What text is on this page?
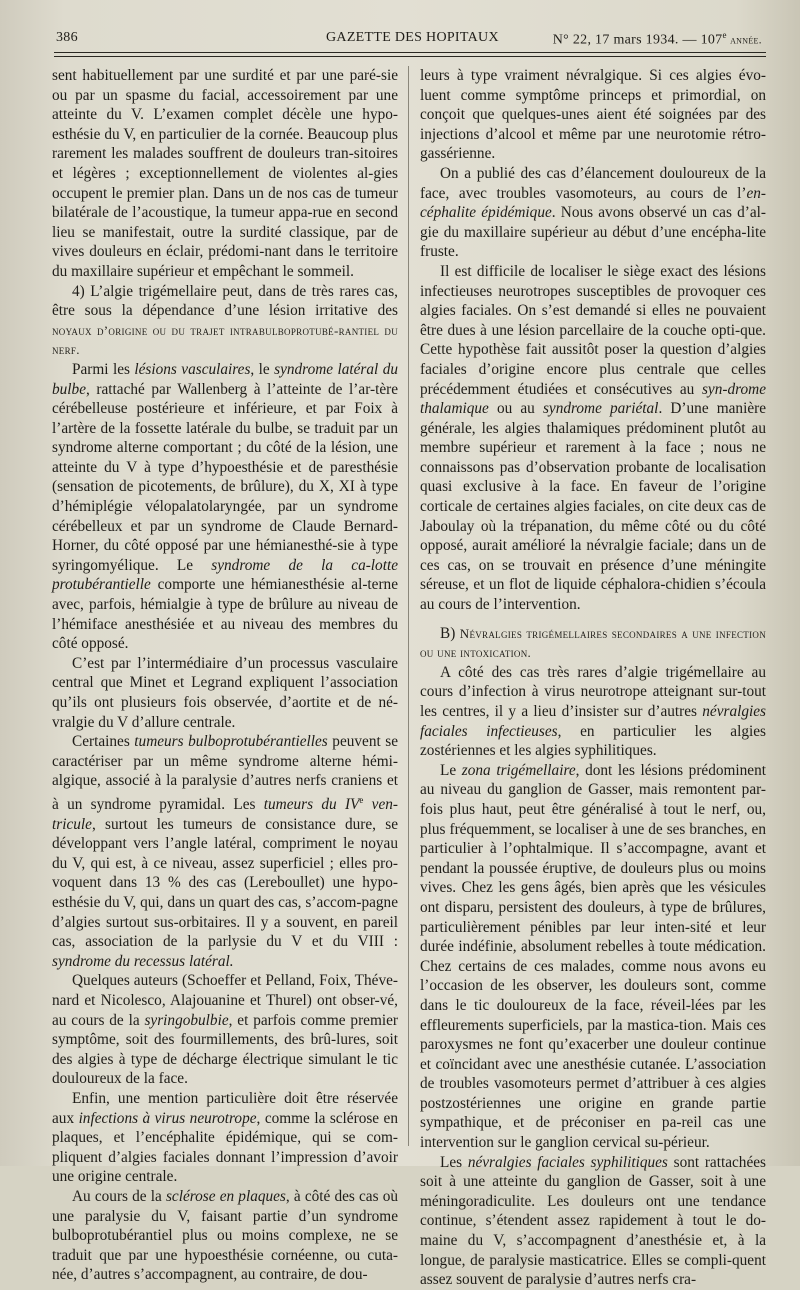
386	GAZETTE DES HOPITAUX	N° 22, 17 mars 1934. — 107e année.

sent habituellement par une surdité et par une paré-sie ou par un spasme du facial, accessoirement par une atteinte du V. L’examen complet décèle une hypo-esthésie du V, en particulier de la cornée. Beaucoup plus rarement les malades souffrent de douleurs tran-sitoires et légères ; exceptionnellement de violentes al-gies occupent le premier plan. Dans un de nos cas de tumeur bilatérale de l’acoustique, la tumeur appa-rue en second lieu se manifestait, outre la surdité classique, par de vives douleurs en éclair, prédomi-nant dans le territoire du maxillaire supérieur et empêchant le sommeil.

4) L’algie trigémellaire peut, dans de très rares cas, être sous la dépendance d’une lésion irritative des noyaux d’origine ou du trajet intrabulboprotubé-rantiel du nerf.

Parmi les lésions vasculaires, le syndrome latéral du bulbe, rattaché par Wallenberg à l’atteinte de l’ar-tère cérébelleuse postérieure et inférieure, et par Foix à l’artère de la fossette latérale du bulbe, se traduit par un syndrome alterne comportant ; du côté de la lésion, une atteinte du V à type d’hypoesthésie et de paresthésie (sensation de picotements, de brûlure), du X, XI à type d’hémiplégie vélopalatolaryngée, par un syndrome cérébelleux et par un syndrome de Claude Bernard-Horner, du côté opposé par une hémianesthé-sie à type syringomyélique. Le syndrome de la ca-lotte protubérantielle comporte une hémianesthésie al-terne avec, parfois, hémialgie à type de brûlure au niveau de l’hémiface anesthésiée et au niveau des membres du côté opposé.

C’est par l’intermédiaire d’un processus vasculaire central que Minet et Legrand expliquent l’association qu’ils ont plusieurs fois observée, d’aortite et de né-vralgie du V d’allure centrale.

Certaines tumeurs bulboprotubérantielles peuvent se caractériser par un même syndrome alterne hémi-algique, associé à la paralysie d’autres nerfs craniens et à un syndrome pyramidal. Les tumeurs du IVe ven-tricule, surtout les tumeurs de consistance dure, se développant vers l’angle latéral, compriment le noyau du V, qui est, à ce niveau, assez superficiel ; elles pro-voquent dans 13 % des cas (Lereboullet) une hypo-esthésie du V, qui, dans un quart des cas, s’accom-pagne d’algies surtout sus-orbitaires. Il y a souvent, en pareil cas, association de la parlysie du V et du VIII : syndrome du recessus latéral.

Quelques auteurs (Schoeffer et Pelland, Foix, Théve-nard et Nicolesco, Alajouanine et Thurel) ont obser-vé, au cours de la syringobulbie, et parfois comme premier symptôme, soit des fourmillements, des brû-lures, soit des algies à type de décharge électrique simulant le tic douloureux de la face.

Enfin, une mention particulière doit être réservée aux infections à virus neurotrope, comme la sclérose en plaques, et l’encéphalite épidémique, qui se com-pliquent d’algies faciales donnant l’impression d’avoir une origine centrale.

Au cours de la sclérose en plaques, à côté des cas où une paralysie du V, faisant partie d’un syndrome bulboprotubérantiel plus ou moins complexe, ne se traduit que par une hypoesthésie cornéenne, ou cuta-née, d’autres s’accompagnent, au contraire, de dou-

leurs à type vraiment névralgique. Si ces algies évo-luent comme symptôme princeps et primordial, on conçoit que quelques-unes aient été soignées par des injections d’alcool et même par une neurotomie rétro-gassérienne.

On a publié des cas d’élancement douloureux de la face, avec troubles vasomoteurs, au cours de l’en-céphalite épidémique. Nous avons observé un cas d’al-gie du maxillaire supérieur au début d’une encépha-lite fruste.

Il est difficile de localiser le siège exact des lésions infectieuses neurotropes susceptibles de provoquer ces algies faciales. On s’est demandé si elles ne pouvaient être dues à une lésion parcellaire de la couche opti-que. Cette hypothèse fait aussitôt poser la question d’algies faciales d’origine encore plus centrale que celles précédemment étudiées et consécutives au syn-drome thalamique ou au syndrome pariétal. D’une manière générale, les algies thalamiques prédominent plutôt au membre supérieur et rarement à la face ; nous ne connaissons pas d’observation probante de localisation quasi exclusive à la face. En faveur de l’origine corticale de certaines algies faciales, on cite deux cas de Jaboulay où la trépanation, du même côté ou du côté opposé, aurait amélioré la névralgie faciale; dans un de ces cas, on se trouvait en présence d’une méningite séreuse, et un flot de liquide céphalora-chidien s’écoula au cours de l’intervention.

B) Névralgies trigémellaires secondaires a une infection ou une intoxication.

A côté des cas très rares d’algie trigémellaire au cours d’infection à virus neurotrope atteignant sur-tout les centres, il y a lieu d’insister sur d’autres névralgies faciales infectieuses, en particulier les algies zostériennes et les algies syphilitiques.

Le zona trigémellaire, dont les lésions prédominent au niveau du ganglion de Gasser, mais remontent par-fois plus haut, peut être généralisé à tout le nerf, ou, plus fréquemment, se localiser à une de ses branches, en particulier à l’ophtalmique. Il s’accompagne, avant et pendant la poussée éruptive, de douleurs plus ou moins vives. Chez les gens âgés, bien après que les vésicules ont disparu, persistent des douleurs, à type de brûlures, particulièrement pénibles par leur inten-sité et leur durée indéfinie, absolument rebelles à toute médication. Chez certains de ces malades, comme nous avons eu l’occasion de les observer, les douleurs sont, comme dans le tic douloureux de la face, réveil-lées par les effleurements superficiels, par la mastica-tion. Mais ces paroxysmes ne font qu’exacerber une douleur continue et coïncidant avec une anesthésie cutanée. L’association de troubles vasomoteurs permet d’attribuer à ces algies postzostériennes une origine en grande partie sympathique, et de préconiser en pa-reil cas une intervention sur le ganglion cervical su-périeur.

Les névralgies faciales syphilitiques sont rattachées soit à une atteinte du ganglion de Gasser, soit à une méningoradiculite. Les douleurs ont une tendance continue, s’étendent assez rapidement à tout le do-maine du V, s’accompagnent d’anesthésie et, à la longue, de paralysie masticatrice. Elles se compli-quent assez souvent de paralysie d’autres nerfs cra-
